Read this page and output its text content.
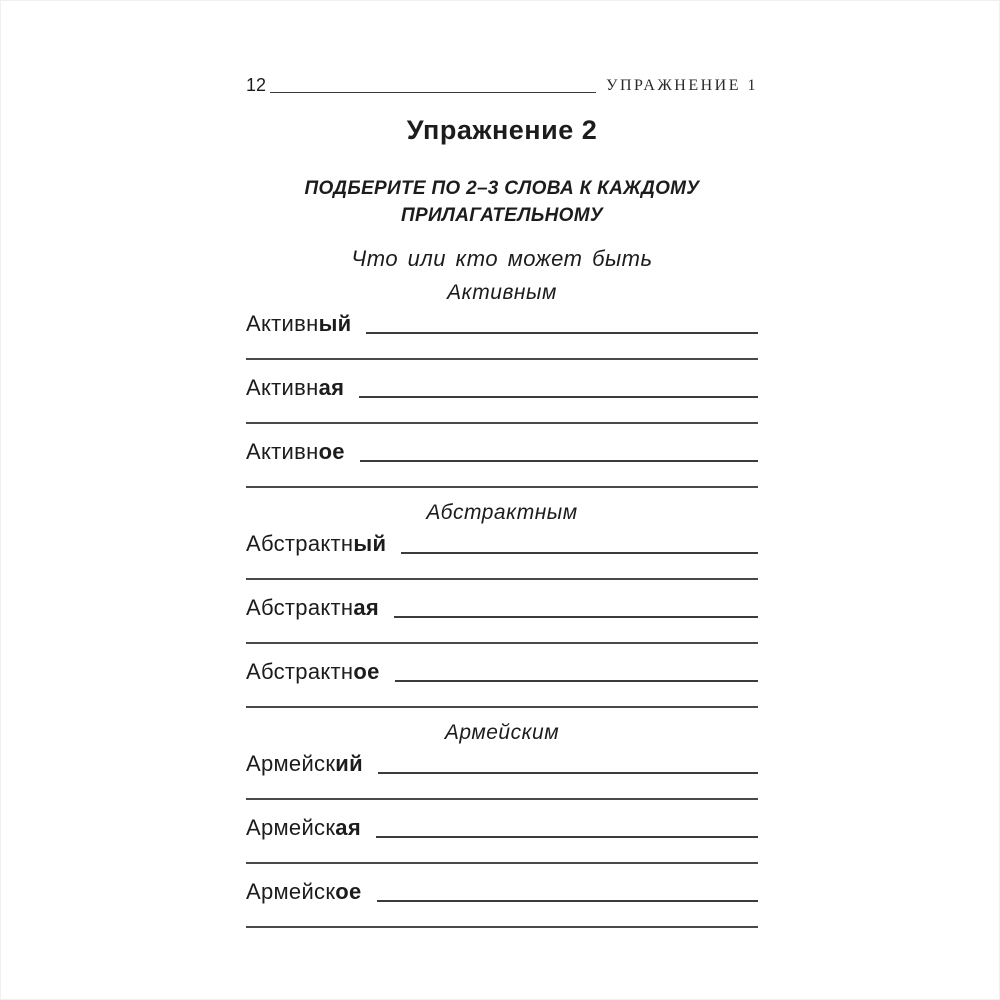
12	УПРАЖНЕНИЕ 1
Упражнение 2
ПОДБЕРИТЕ ПО 2–3 СЛОВА К КАЖДОМУ
ПРИЛАГАТЕЛЬНОМУ
Что или кто может быть
Активным
Активный
Активная
Активное
Абстрактным
Абстрактный
Абстрактная
Абстрактное
Армейским
Армейский
Армейская
Армейское
